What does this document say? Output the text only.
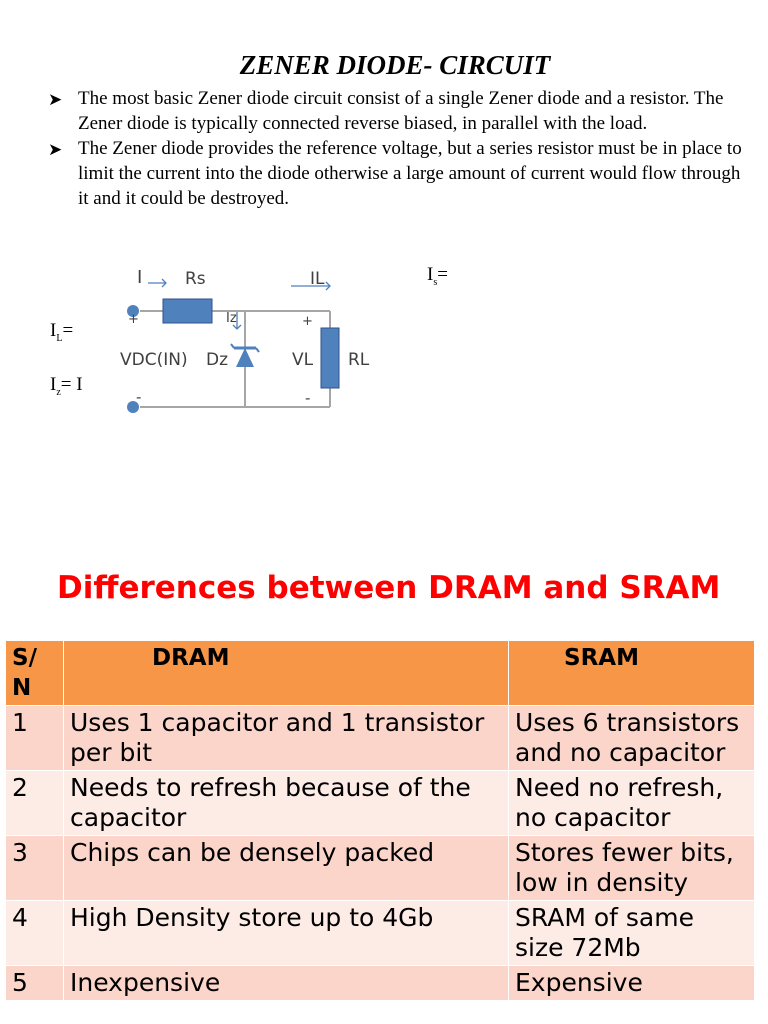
ZENER DIODE- CIRCUIT

➤ The most basic Zener diode circuit consist of a single Zener diode and a resistor. The Zener diode is typically connected reverse biased, in parallel with the load.

➤ The Zener diode provides the reference voltage, but a series resistor must be in place to limit the current into the diode otherwise a large amount of current would flow through it and it could be destroyed.

I	Rs	IL
Iz
+
-
VDC(IN) Dz	VL RL
+
-
$I_s=$
$I_L=$
$I_z= I$
Differences between DRAM and SRAM
S/ N	DRAM	SRAM
1	Uses 1 capacitor and 1 transistor per bit	Uses 6 transistors and no capacitor
2	Needs to refresh because of the capacitor	Need no refresh, no capacitor
3	Chips can be densely packed	Stores fewer bits, low in density
4	High Density store up to 4Gb	SRAM of same size 72Mb
5	Inexpensive	Expensive
